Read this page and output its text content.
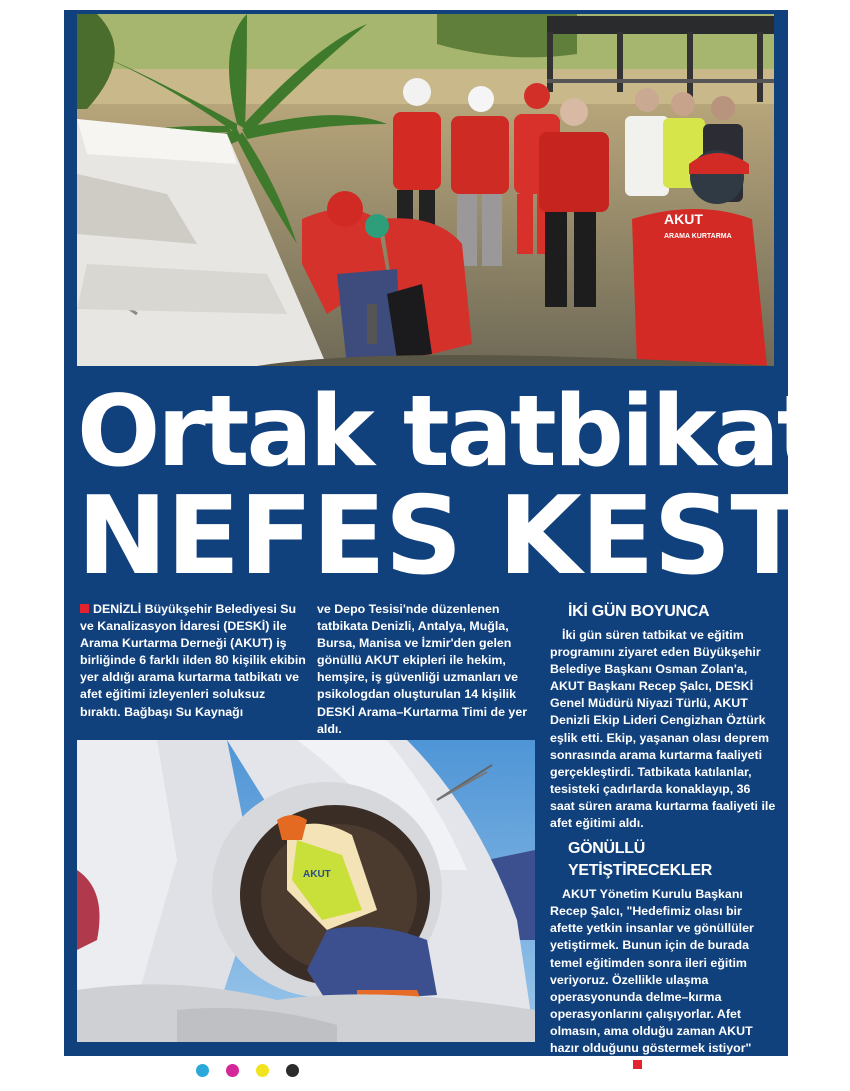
AKUT
ARAMA KURTARMA
Ortak tatbikat
NEFES KESTi

DENİZLİ Büyükşehir Belediyesi Su ve Kanalizasyon İdaresi (DESKİ) ile Arama Kurtarma Derneği (AKUT) iş birliğinde 6 farklı ilden 80 kişilik ekibin yer aldığı arama kurtarma tatbikatı ve afet eğitimi izleyenleri soluksuz bıraktı. Bağbaşı Su Kaynağı

ve Depo Tesisi'nde düzenlenen tatbikata Denizli, Antalya, Muğla, Bursa, Manisa ve İzmir'den gelen gönüllü AKUT ekipleri ile hekim, hemşire, iş güvenliği uzmanları ve psikologdan oluşturulan 14 kişilik DESKİ Arama–Kurtarma Timi de yer aldı.

İKİ GÜN BOYUNCA

İki gün süren tatbikat ve eğitim programını ziyaret eden Büyükşehir Belediye Başkanı Osman Zolan'a, AKUT Başkanı Recep Şalcı, DESKİ Genel Müdürü Niyazi Türlü, AKUT Denizli Ekip Lideri Cengizhan Öztürk eşlik etti. Ekip, yaşanan olası deprem sonrasında arama kurtarma faaliyeti gerçekleştirdi. Tatbikata katılanlar, tesisteki çadırlarda konaklayıp, 36 saat süren arama kurtarma faaliyeti ile afet eğitimi aldı.

GÖNÜLLÜ YETİŞTİRECEKLER

AKUT Yönetim Kurulu Başkanı Recep Şalcı, "Hedefimiz olası bir afette yetkin insanlar ve gönüllüler yetiştirmek. Bunun için de burada temel eğitimden sonra ileri eğitim veriyoruz. Özellikle ulaşma operasyonunda delme–kırma operasyonlarını çalışıyorlar. Afet olmasın, ama olduğu zaman AKUT hazır olduğunu göstermek istiyor" diye konuştu. Ramazan ÇETİN, (DHA)

AKUT
